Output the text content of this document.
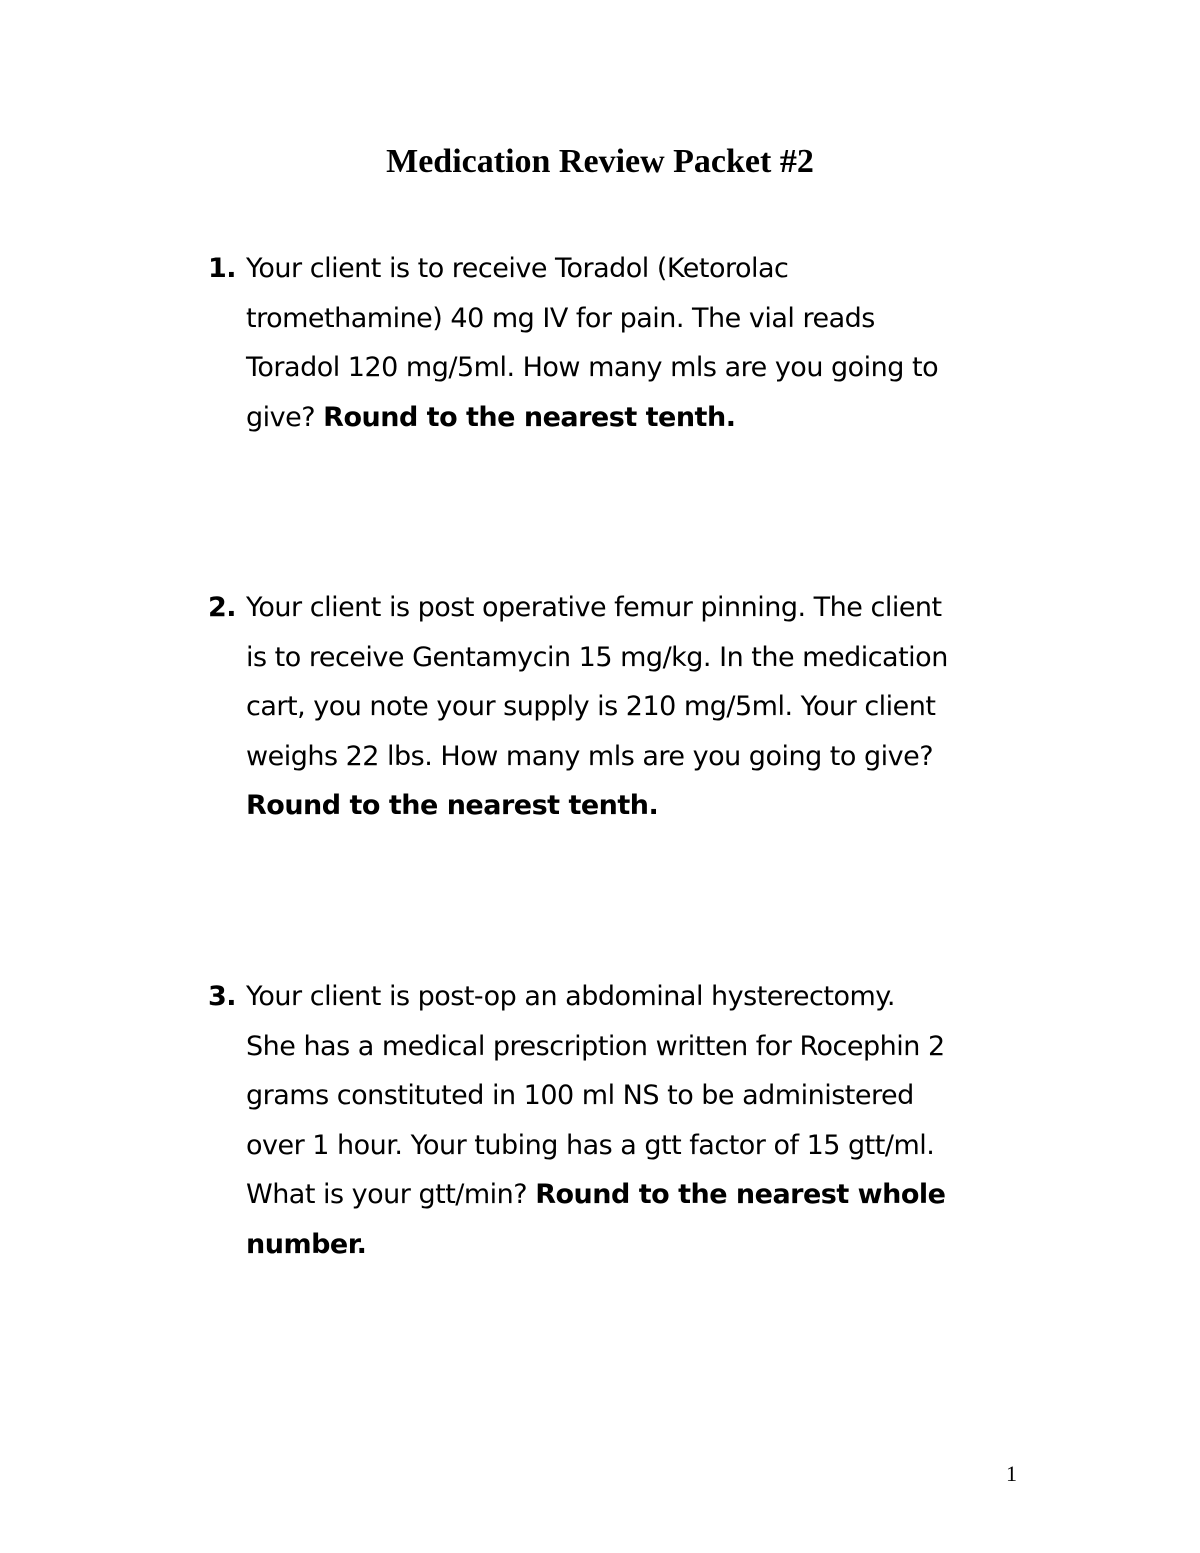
Medication Review Packet #2
1. Your client is to receive Toradol (Ketorolac
tromethamine) 40 mg IV for pain. The vial reads
Toradol 120 mg/5ml. How many mls are you going to
give? Round to the nearest tenth.
2. Your client is post operative femur pinning. The client
is to receive Gentamycin 15 mg/kg. In the medication
cart, you note your supply is 210 mg/5ml. Your client
weighs 22 lbs. How many mls are you going to give?
Round to the nearest tenth.
3. Your client is post-op an abdominal hysterectomy.
She has a medical prescription written for Rocephin 2
grams constituted in 100 ml NS to be administered
over 1 hour. Your tubing has a gtt factor of 15 gtt/ml.
What is your gtt/min? Round to the nearest whole
number.
1
